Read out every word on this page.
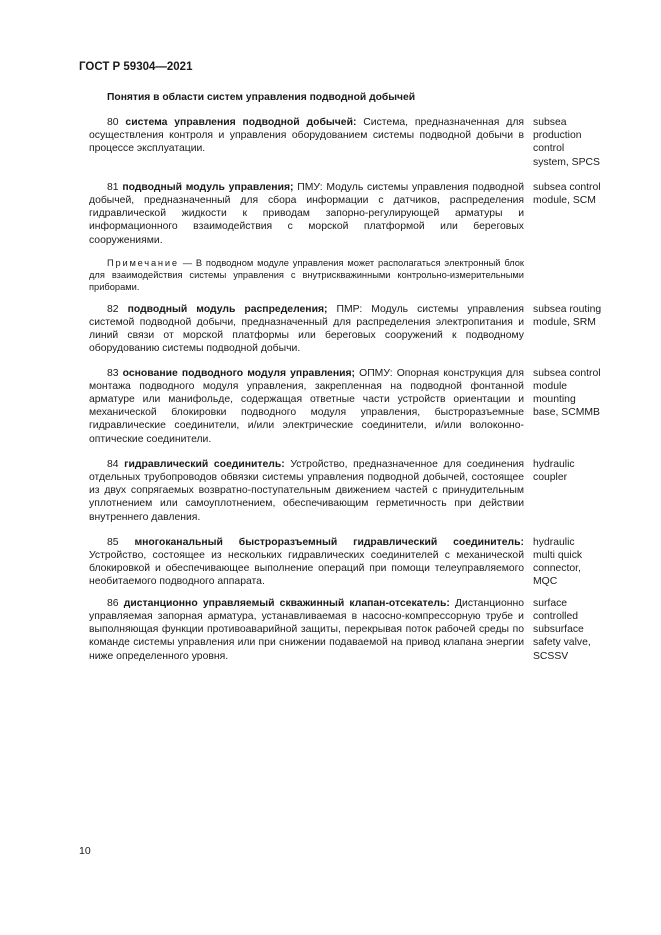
ГОСТ Р 59304—2021
Понятия в области систем управления подводной добычей
80 система управления подводной добычей: Система, предназначенная для осуществления контроля и управления оборудованием системы подводной добычи в процессе эксплуатации.
subsea
production
control
system, SPCS
81 подводный модуль управления; ПМУ: Модуль системы управления подводной добычей, предназначенный для сбора информации с датчиков, распределения гидравлической жидкости к приводам запорно-регулирующей арматуры и информационного взаимодействия с морской платформой или береговых сооружениями.
subsea control
module, SCM
Примечание — В подводном модуле управления может располагаться электронный блок для взаимодействия системы управления с внутрискважинными контрольно-измерительными приборами.
82 подводный модуль распределения; ПМР: Модуль системы управления системой подводной добычи, предназначенный для распределения электропитания и линий связи от морской платформы или береговых сооружений к подводному оборудованию системы подводной добычи.
subsea routing
module, SRM
83 основание подводного модуля управления; ОПМУ: Опорная конструкция для монтажа подводного модуля управления, закрепленная на подводной фонтанной арматуре или манифольде, содержащая ответные части устройств ориентации и механической блокировки подводного модуля управления, быстроразъемные гидравлические соединители, и/или электрические соединители, и/или волоконно-оптические соединители.
subsea control
module
mounting
base, SCMMB
84 гидравлический соединитель: Устройство, предназначенное для соединения отдельных трубопроводов обвязки системы управления подводной добычей, состоящее из двух сопрягаемых возвратно-поступательным движением частей с принудительным уплотнением или самоуплотнением, обеспечивающим герметичность при действии внутреннего давления.
hydraulic
coupler
85 многоканальный быстроразъемный гидравлический соединитель: Устройство, состоящее из нескольких гидравлических соединителей с механической блокировкой и обеспечивающее выполнение операций при помощи телеуправляемого необитаемого подводного аппарата.
hydraulic
multi quick
connector,
MQC
86 дистанционно управляемый скважинный клапан-отсекатель: Дистанционно управляемая запорная арматура, устанавливаемая в насосно-компрессорную трубе и выполняющая функции противоаварийной защиты, перекрывая поток рабочей среды по команде системы управления или при снижении подаваемой на привод клапана энергии ниже определенного уровня.
surface
controlled
subsurface
safety valve,
SCSSV
10
